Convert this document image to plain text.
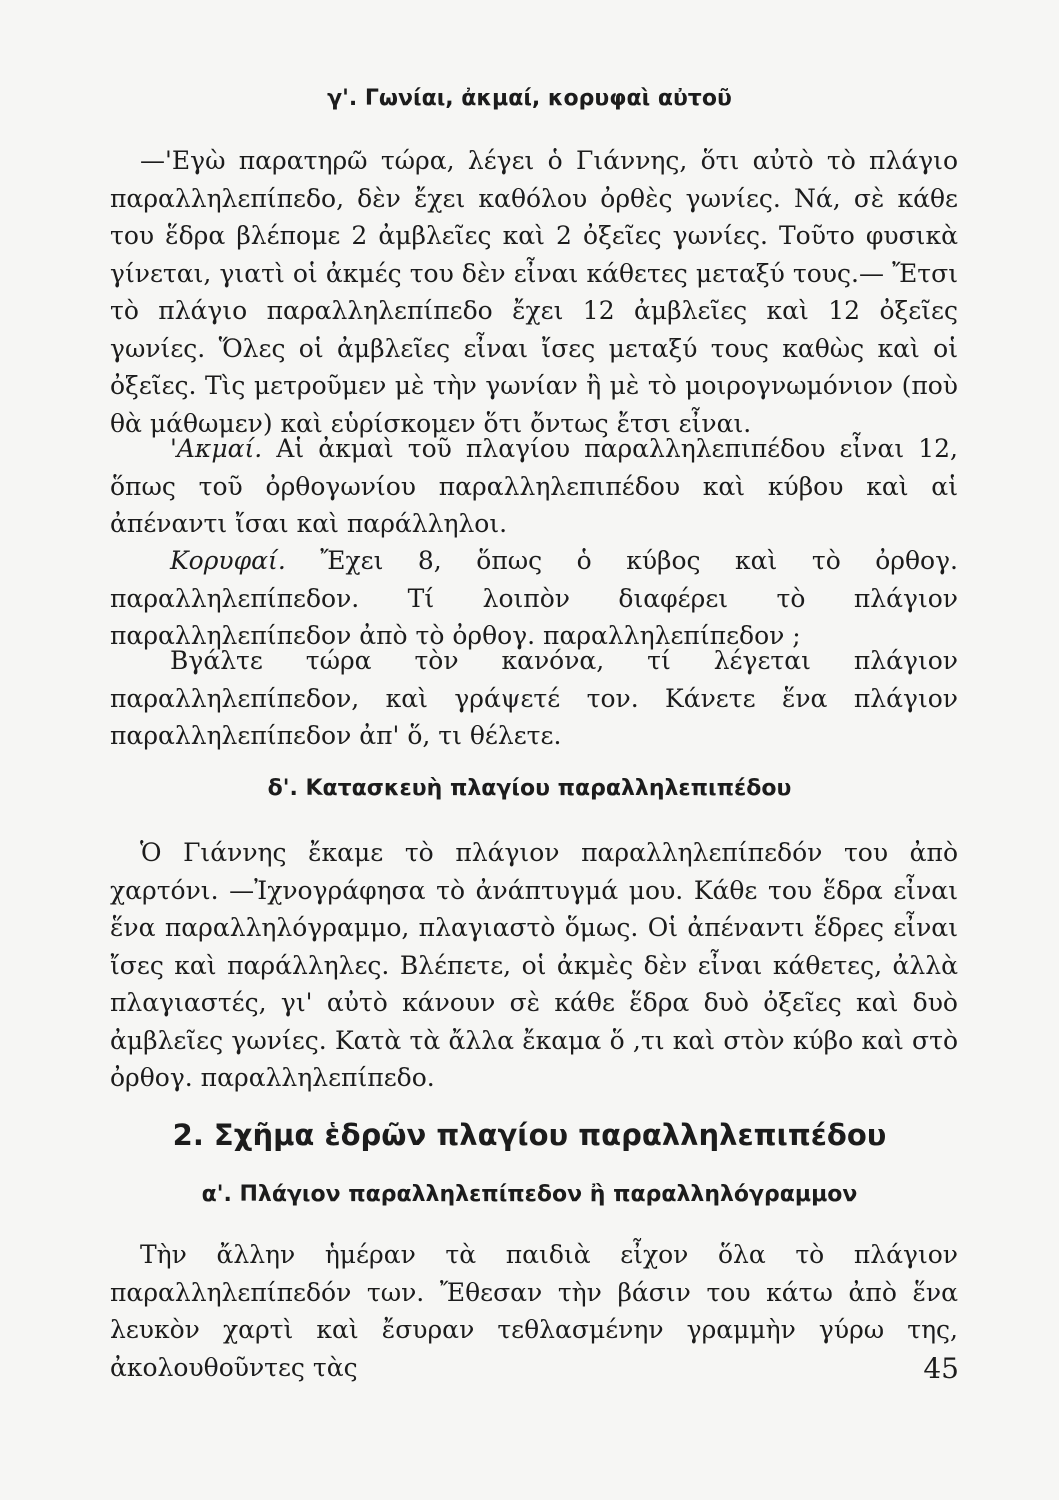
γ'. Γωνίαι, ἀκμαί, κορυφαὶ αὐτοῦ

—'Εγὼ παρατηρῶ τώρα, λέγει ὁ Γιάννης, ὅτι αὐτὸ τὸ πλάγιο παραλληλεπίπεδο, δὲν ἔχει καθόλου ὀρθὲς γωνίες. Νά, σὲ κάθε του ἕδρα βλέπομε 2 ἀμβλεῖες καὶ 2 ὀξεῖες γωνίες. Τοῦτο φυσικὰ γίνεται, γιατὶ οἱ ἀκμές του δὲν εἶναι κάθετες μεταξύ τους.— Ἔτσι τὸ πλάγιο παραλληλεπίπεδο ἔχει 12 ἀμβλεῖες καὶ 12 ὀξεῖες γωνίες. Ὅλες οἱ ἀμβλεῖες εἶναι ἴσες μεταξύ τους καθὼς καὶ οἱ ὀξεῖες. Τὶς μετροῦμεν μὲ τὴν γωνίαν ἢ μὲ τὸ μοιρογνωμόνιον (ποὺ θὰ μάθωμεν) καὶ εὑρίσκομεν ὅτι ὄντως ἔτσι εἶναι.

'Ακμαί. Αἱ ἀκμαὶ τοῦ πλαγίου παραλληλεπιπέδου εἶναι 12, ὅπως τοῦ ὀρθογωνίου παραλληλεπιπέδου καὶ κύβου καὶ αἱ ἀπέναντι ἴσαι καὶ παράλληλοι.

Κορυφαί. Ἔχει 8, ὅπως ὁ κύβος καὶ τὸ ὀρθογ. παραλληλεπίπεδον. Τί λοιπὸν διαφέρει τὸ πλάγιον παραλληλεπίπεδον ἀπὸ τὸ ὀρθογ. παραλληλεπίπεδον ;

Βγάλτε τώρα τὸν κανόνα, τί λέγεται πλάγιον παραλληλεπίπεδον, καὶ γράψετέ τον. Κάνετε ἕνα πλάγιον παραλληλεπίπεδον ἀπ' ὅ, τι θέλετε.

δ'. Κατασκευὴ πλαγίου παραλληλεπιπέδου

Ὁ Γιάννης ἔκαμε τὸ πλάγιον παραλληλεπίπεδόν του ἀπὸ χαρτόνι. —Ἰχνογράφησα τὸ ἀνάπτυγμά μου. Κάθε του ἕδρα εἶναι ἕνα παραλληλόγραμμο, πλαγιαστὸ ὅμως. Οἱ ἀπέναντι ἕδρες εἶναι ἴσες καὶ παράλληλες. Βλέπετε, οἱ ἀκμὲς δὲν εἶναι κάθετες, ἀλλὰ πλαγιαστές, γι' αὐτὸ κάνουν σὲ κάθε ἕδρα δυὸ ὀξεῖες καὶ δυὸ ἀμβλεῖες γωνίες. Κατὰ τὰ ἄλλα ἔκαμα ὅ ,τι καὶ στὸν κύβο καὶ στὸ ὀρθογ. παραλληλεπίπεδο.

2. Σχῆμα ἑδρῶν πλαγίου παραλληλεπιπέδου
α'. Πλάγιον παραλληλεπίπεδον ἢ παραλληλόγραμμον

Τὴν ἄλλην ἡμέραν τὰ παιδιὰ εἶχον ὅλα τὸ πλάγιον παραλληλεπίπεδόν των. Ἔθεσαν τὴν βάσιν του κάτω ἀπὸ ἕνα λευκὸν χαρτὶ καὶ ἔσυραν τεθλασμένην γραμμὴν γύρω της, ἀκολουθοῦντες τὰς	45
